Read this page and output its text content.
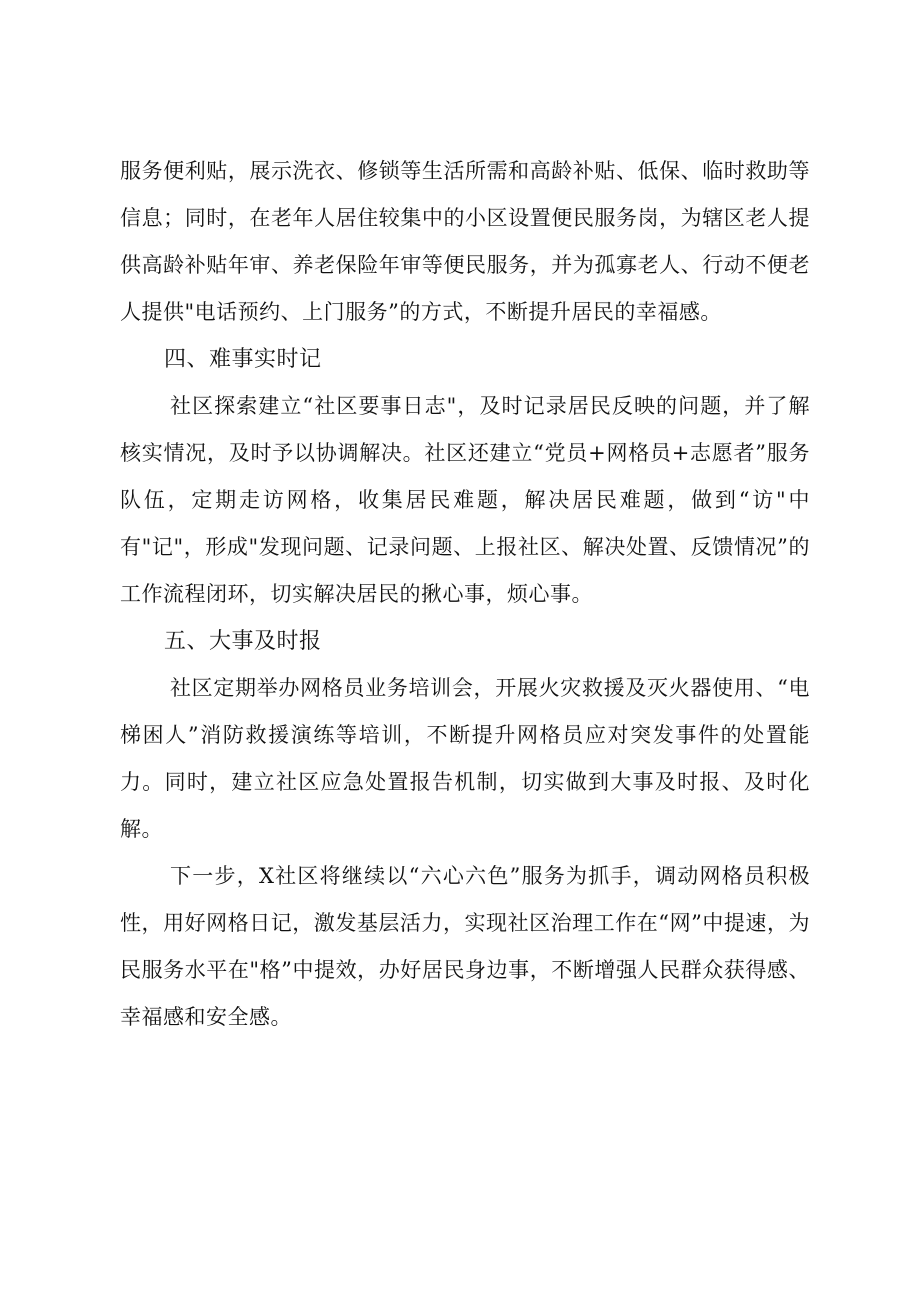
服务便利贴，展示洗衣、修锁等生活所需和高龄补贴、低保、临时救助等信息；同时，在老年人居住较集中的小区设置便民服务岗，为辖区老人提供高龄补贴年审、养老保险年审等便民服务，并为孤寡老人、行动不便老人提供"电话预约、上门服务”的方式，不断提升居民的幸福感。

四、难事实时记

社区探索建立“社区要事日志"，及时记录居民反映的问题，并了解核实情况，及时予以协调解决。社区还建立“党员+网格员+志愿者”服务队伍，定期走访网格，收集居民难题，解决居民难题，做到“访"中有"记"，形成"发现问题、记录问题、上报社区、解决处置、反馈情况”的工作流程闭环，切实解决居民的揪心事，烦心事。

五、大事及时报

社区定期举办网格员业务培训会，开展火灾救援及灭火器使用、“电梯困人”消防救援演练等培训，不断提升网格员应对突发事件的处置能力。同时，建立社区应急处置报告机制，切实做到大事及时报、及时化解。

下一步，X社区将继续以“六心六色”服务为抓手，调动网格员积极性，用好网格日记，激发基层活力，实现社区治理工作在“网”中提速，为民服务水平在"格”中提效，办好居民身边事，不断增强人民群众获得感、幸福感和安全感。
